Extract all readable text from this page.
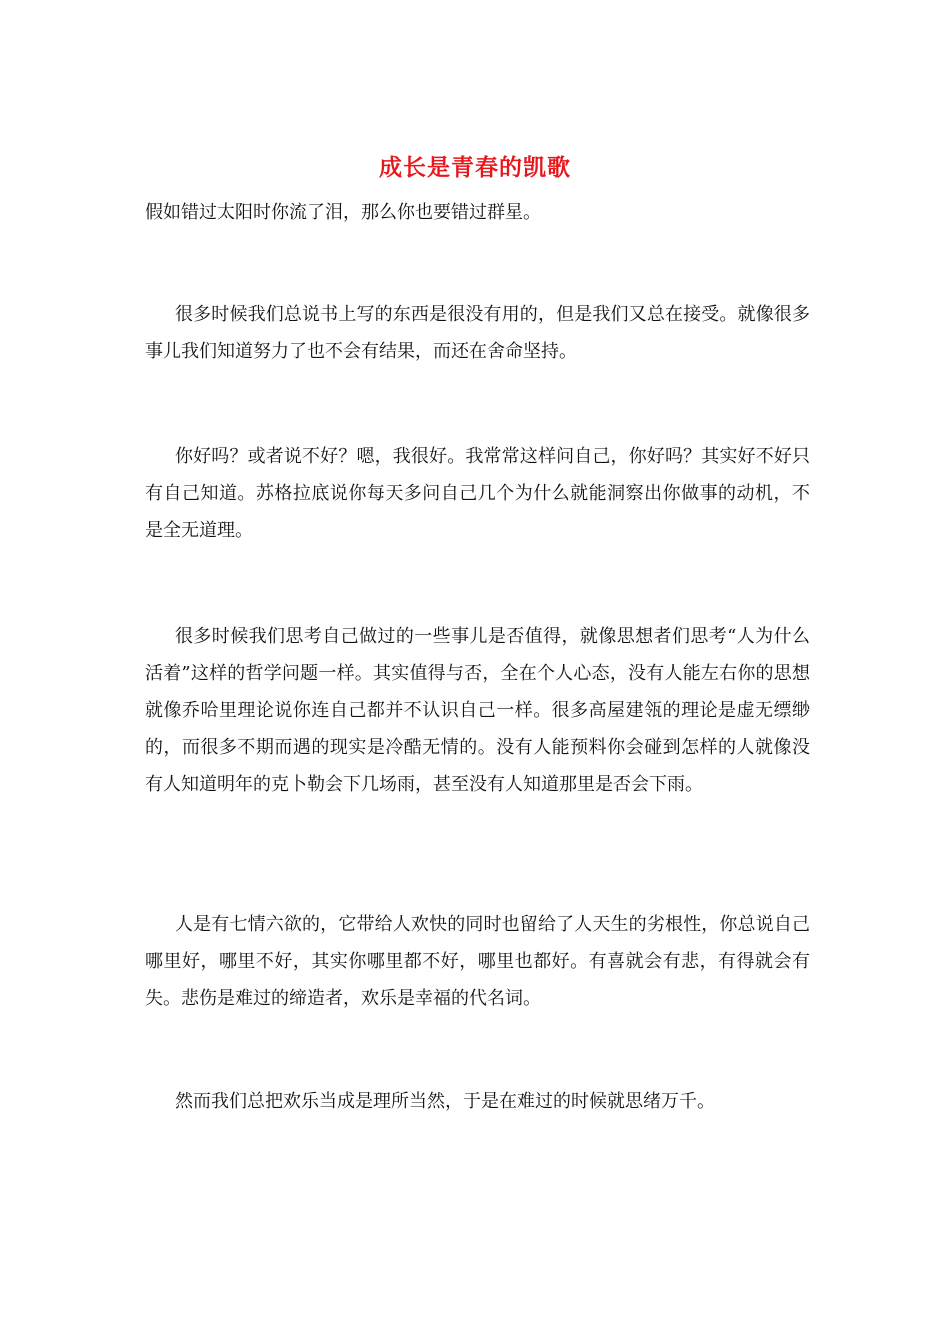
成长是青春的凯歌

假如错过太阳时你流了泪，那么你也要错过群星。

很多时候我们总说书上写的东西是很没有用的，但是我们又总在接受。就像很多事儿我们知道努力了也不会有结果，而还在舍命坚持。

你好吗？或者说不好？嗯，我很好。我常常这样问自己，你好吗？其实好不好只有自己知道。苏格拉底说你每天多问自己几个为什么就能洞察出你做事的动机，不是全无道理。

很多时候我们思考自己做过的一些事儿是否值得，就像思想者们思考“人为什么活着”这样的哲学问题一样。其实值得与否，全在个人心态，没有人能左右你的思想就像乔哈里理论说你连自己都并不认识自己一样。很多高屋建瓴的理论是虚无缥缈的，而很多不期而遇的现实是冷酷无情的。没有人能预料你会碰到怎样的人就像没有人知道明年的克卜勒会下几场雨，甚至没有人知道那里是否会下雨。

人是有七情六欲的，它带给人欢快的同时也留给了人天生的劣根性，你总说自己哪里好，哪里不好，其实你哪里都不好，哪里也都好。有喜就会有悲，有得就会有失。悲伤是难过的缔造者，欢乐是幸福的代名词。

然而我们总把欢乐当成是理所当然，于是在难过的时候就思绪万千。
